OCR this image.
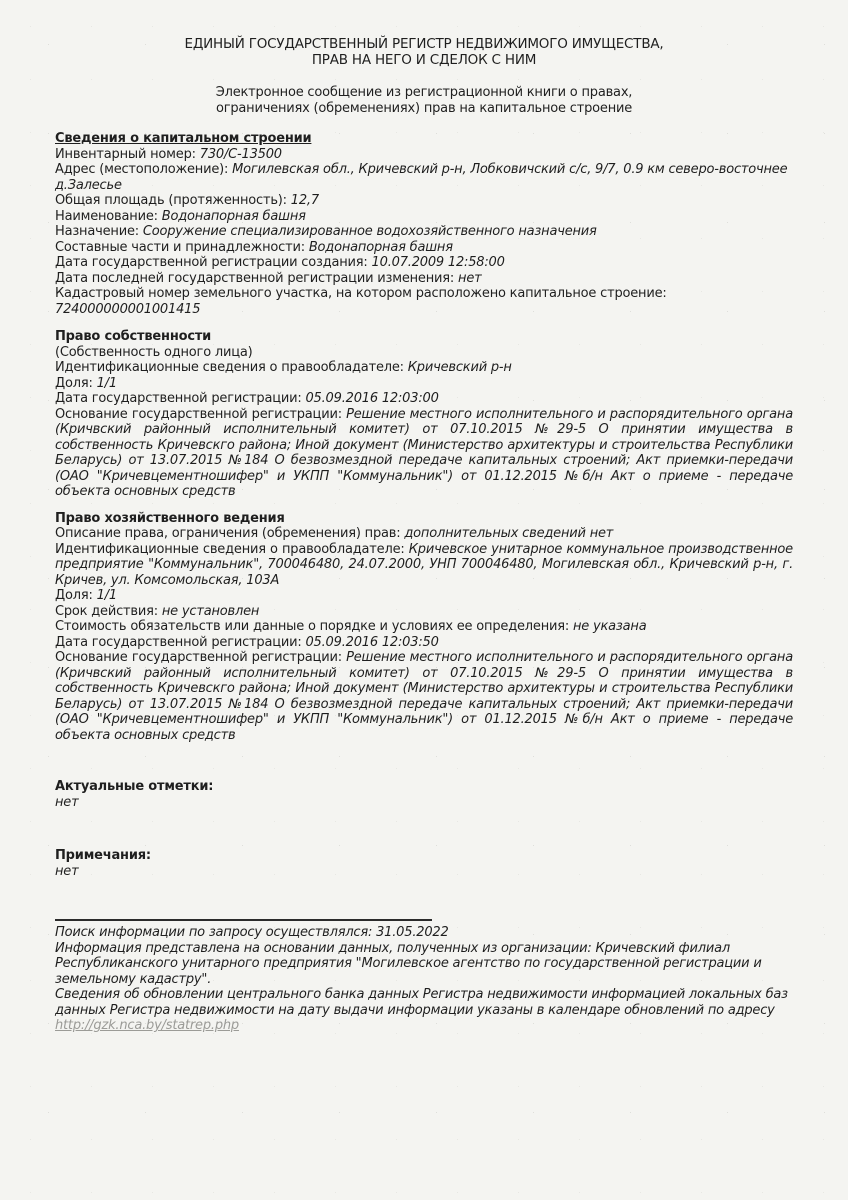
ЕДИНЫЙ ГОСУДАРСТВЕННЫЙ РЕГИСТР НЕДВИЖИМОГО ИМУЩЕСТВА,
ПРАВ НА НЕГО И СДЕЛОК С НИМ
Электронное сообщение из регистрационной книги о правах,
ограничениях (обременениях) прав на капитальное строение
Сведения о капитальном строении
Инвентарный номер: 730/С-13500
Адрес (местоположение): Могилевская обл., Кричевский р-н, Лобковичский с/с, 9/7, 0.9 км северо-восточнее д.Залесье
Общая площадь (протяженность): 12,7
Наименование: Водонапорная башня
Назначение: Сооружение специализированное водохозяйственного назначения
Составные части и принадлежности: Водонапорная башня
Дата государственной регистрации создания: 10.07.2009 12:58:00
Дата последней государственной регистрации изменения: нет
Кадастровый номер земельного участка, на котором расположено капитальное строение: 724000000001001415
Право собственности
(Собственность одного лица)
Идентификационные сведения о правообладателе: Кричевский р-н
Доля: 1/1
Дата государственной регистрации: 05.09.2016 12:03:00
Основание государственной регистрации: Решение местного исполнительного и распорядительного органа (Кричвский районный исполнительный комитет) от 07.10.2015 №29-5 О принятии имущества в собственность Кричевскго района; Иной документ (Министерство архитектуры и строительства Республики Беларусь) от 13.07.2015 №184 О безвозмездной передаче капитальных строений; Акт приемки-передачи (ОАО "Кричевцементношифер" и УКПП "Коммунальник") от 01.12.2015 №б/н Акт о приеме - передаче объекта основных средств
Право хозяйственного ведения
Описание права, ограничения (обременения) прав: дополнительных сведений нет
Идентификационные сведения о правообладателе: Кричевское унитарное коммунальное производственное предприятие "Коммунальник", 700046480, 24.07.2000, УНП 700046480, Могилевская обл., Кричевский р-н, г. Кричев, ул. Комсомольская, 103А
Доля: 1/1
Срок действия: не установлен
Стоимость обязательств или данные о порядке и условиях ее определения: не указана
Дата государственной регистрации: 05.09.2016 12:03:50
Основание государственной регистрации: Решение местного исполнительного и распорядительного органа (Кричвский районный исполнительный комитет) от 07.10.2015 №29-5 О принятии имущества в собственность Кричевскго района; Иной документ (Министерство архитектуры и строительства Республики Беларусь) от 13.07.2015 №184 О безвозмездной передаче капитальных строений; Акт приемки-передачи (ОАО "Кричевцементношифер" и УКПП "Коммунальник") от 01.12.2015 №б/н Акт о приеме - передаче объекта основных средств
Актуальные отметки:
нет
Примечания:
нет
Поиск информации по запросу осуществлялся: 31.05.2022
Информация представлена на основании данных, полученных из организации: Кричевский филиал Республиканского унитарного предприятия "Могилевское агентство по государственной регистрации и земельному кадастру".
Сведения об обновлении центрального банка данных Регистра недвижимости информацией локальных баз данных Регистра недвижимости на дату выдачи информации указаны в календаре обновлений по адресу
http://gzk.nca.by/statrep.php
